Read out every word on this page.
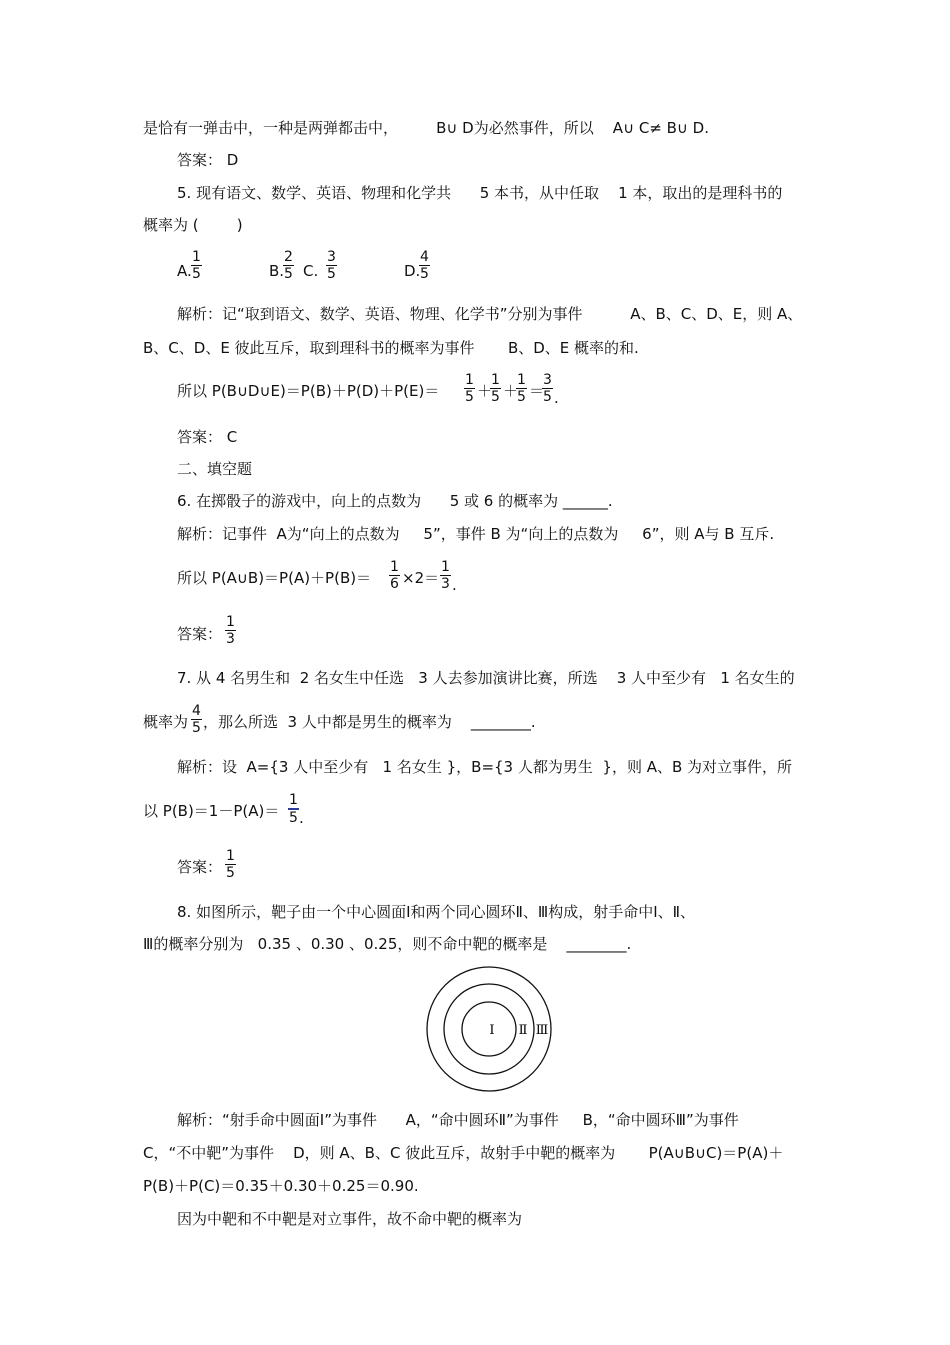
是恰有一弹击中，一种是两弹都击中，        B∪ D为必然事件，所以    A∪ C≠ B∪ D.
答案： D
5. 现有语文、数学、英语、物理和化学共      5 本书，从中任取    1 本，取出的是理科书的
概率为 (        )
A. $\frac{1}{5}$	B.
$\frac{2}{5} C$. $\frac{3}{5}$	D.
$\frac{4}{5}$
解析：记“取到语文、数学、英语、物理、化学书”分别为事件          A、B、C、D、E，则 A、
B、C、D、E 彼此互斥，取到理科书的概率为事件       B、D、E 概率的和.
所以 P(B∪D∪E)＝P(B)＋P(D)＋P(E)＝ $\frac{1}{5}$ ＋
$\frac{1}{5}$ ＋
$\frac{1}{5}$ ＝
$\frac{3}{5}$ .
答案： C
二、填空题
6. 在掷骰子的游戏中，向上的点数为      5 或 6 的概率为 ______.
解析：记事件  A为“向上的点数为     5”，事件 B 为“向上的点数为     6”，则 A与 B 互斥.
所以 P(A∪B)＝P(A)＋P(B)＝ $\frac{1}{6} \times 2= \frac{1}{3}$ .
答案： $\frac{1}{3}$
7. 从 4 名男生和  2 名女生中任选   3 人去参加演讲比赛，所选    3 人中至少有   1 名女生的
概率为 $\frac{4}{5}$ ，那么所选  3 人中都是男生的概率为    ________.
解析：设  A={3 人中至少有   1 名女生 }，B={3 人都为男生  }，则 A、B 为对立事件，所
以 $P(B)=1-P(A)= \frac{1}{5}$ .
答案： $\frac{1}{5}$
8. 如图所示，靶子由一个中心圆面Ⅰ和两个同心圆环Ⅱ、Ⅲ构成，射手命中Ⅰ、Ⅱ、
Ⅲ的概率分别为   0.35 、0.30 、0.25，则不命中靶的概率是    ________.
Ⅰ Ⅱ Ⅲ
解析：“射手命中圆面Ⅰ”为事件      A，“命中圆环Ⅱ”为事件     B，“命中圆环Ⅲ”为事件
C，“不中靶”为事件    D，则 A、B、C 彼此互斥，故射手中靶的概率为       P(A∪B∪C)＝P(A)＋
P(B)＋P(C)＝0.35＋0.30＋0.25＝0.90.
因为中靶和不中靶是对立事件，故不命中靶的概率为
